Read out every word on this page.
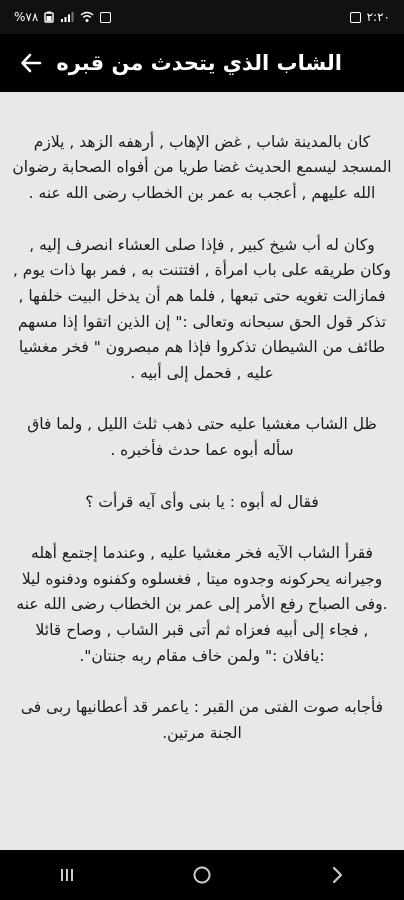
%٧٨	٢:٢٠
الشاب الذي يتحدث من قبره

كان بالمدينة شاب , غض الإهاب , أرهفه الزهد , يلازم المسجد ليسمع الحديث غضا طريا من أفواه الصحابة رضوان الله عليهم , أعجب به عمر بن الخطاب رضى الله عنه .

وكان له أب شيخ كبير , فإذا صلى العشاء انصرف إليه , وكان طريقه على باب امرأة , افتتنت به , فمر بها ذات يوم , فمازالت تغويه حتى تبعها , فلما هم أن يدخل البيت خلفها , تذكر قول الحق سبحانه وتعالى :" إن الذين اتقوا إذا مسهم طائف من الشيطان تذكروا فإذا هم مبصرون " فخر مغشيا عليه , فحمل إلى أبيه .

ظل الشاب مغشيا عليه حتى ذهب ثلث الليل , ولما فاق سأله أبوه عما حدث فأخبره .

فقال له أبوه : يا بنى وأى آيه قرأت ؟

فقرأ الشاب الآيه فخر مغشيا عليه , وعندما إجتمع أهله وجيرانه يحركونه وجدوه ميتا , فغسلوه وكفنوه ودفنوه ليلا .وفى الصباح رفع الأمر إلى عمر بن الخطاب رضى الله عنه , فجاء إلى أبيه فعزاه ثم أتى قبر الشاب , وصاح قائلا :يافلان :" ولمن خاف مقام ربه جنتان".

فأجابه صوت الفتى من القبر : ياعمر قد أعطانيها ربى فى الجنة مرتين.
